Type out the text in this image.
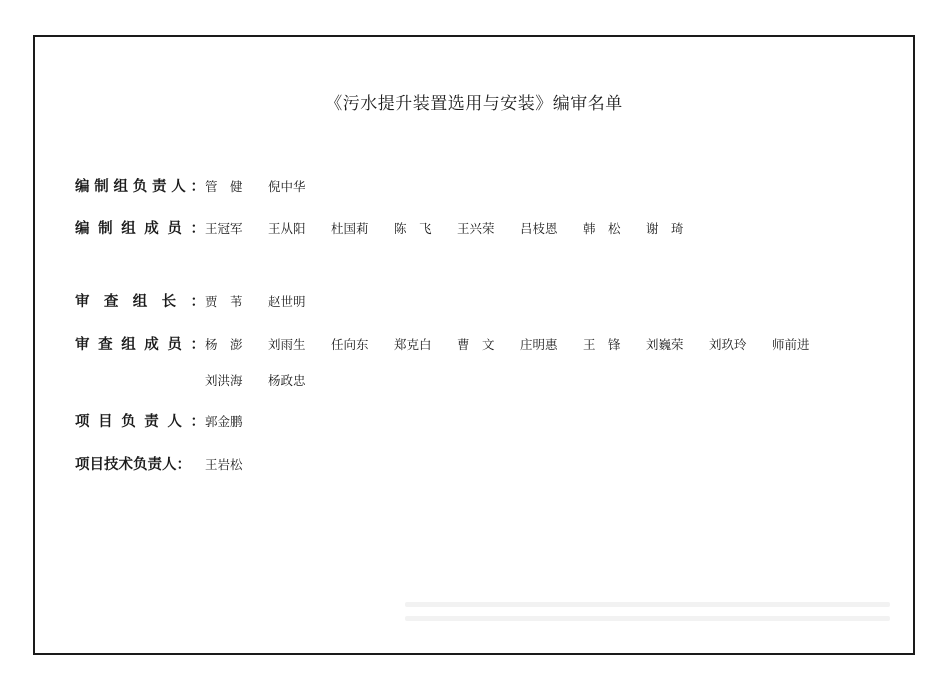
《污水提升装置选用与安装》编审名单
编 制 组 负 责 人 ： 管　健	倪中华
编 制 组 成 员 ： 王冠军	王从阳	杜国莉	陈　飞	王兴荣	吕枝恩	韩　松	谢　琦
审 查 组 长 ： 贾　苇	赵世明
审 查 组 成 员 ： 杨　澎	刘雨生	任向东	郑克白	曹　文	庄明惠	王　锋	刘巍荣	刘玖玲	师前进
刘洪海	杨政忠
项 目 负 责 人 ： 郭金鹏
项 目 技 术 负 责 人 ： 王岩松
